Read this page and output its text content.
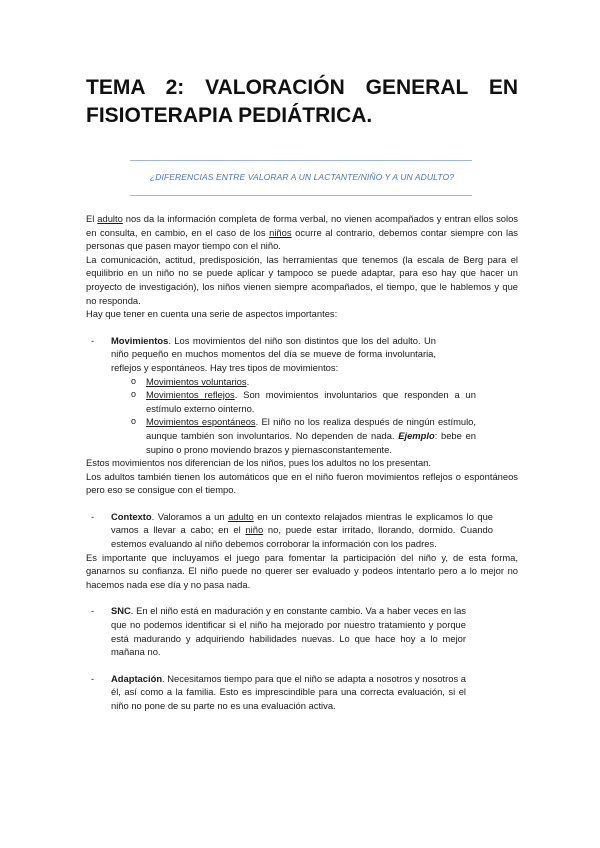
TEMA 2: VALORACIÓN GENERAL EN FISIOTERAPIA PEDIÁTRICA.
¿DIFERENCIAS ENTRE VALORAR A UN LACTANTE/NIÑO Y A UN ADULTO?

El adulto nos da la información completa de forma verbal, no vienen acompañados y entran ellos solos en consulta, en cambio, en el caso de los niños ocurre al contrario, debemos contar siempre con las personas que pasen mayor tiempo con el niño.

La comunicación, actitud, predisposición, las herramientas que tenemos (la escala de Berg para el equilibrio en un niño no se puede aplicar y tampoco se puede adaptar, para eso hay que hacer un proyecto de investigación), los niños vienen siempre acompañados, el tiempo, que le hablemos y que no responda.

Hay que tener en cuenta una serie de aspectos importantes:

- Movimientos. Los movimientos del niño son distintos que los del adulto. Un niño pequeño en muchos momentos del día se mueve de forma involuntaria, reflejos y espontáneos. Hay tres tipos de movimientos:

o Movimientos voluntarios.

o Movimientos reflejos. Son movimientos involuntarios que responden a un estímulo externo ointerno.

o Movimientos espontáneos. El niño no los realiza después de ningún estímulo, aunque también son involuntarios. No dependen de nada. Ejemplo: bebe en supino o prono moviendo brazos y piernasconstantemente.

Estos movimientos nos diferencian de los niños, pues los adultos no los presentan.

Los adultos también tienen los automáticos que en el niño fueron movimientos reflejos o espontáneos pero eso se consigue con el tiempo.

- Contexto. Valoramos a un adulto en un contexto relajados mientras le explicamos lo que vamos a llevar a cabo; en el niño no, puede estar irritado, llorando, dormido. Cuando estemos evaluando al niño debemos corroborar la información con los padres.

Es importante que incluyamos el juego para fomentar la participación del niño y, de esta forma, ganarnos su confianza. El niño puede no querer ser evaluado y podeos intentarlo pero a lo mejor no hacemos nada ese día y no pasa nada.

- SNC. En el niño está en maduración y en constante cambio. Va a haber veces en las que no podemos identificar si el niño ha mejorado por nuestro tratamiento y porque está madurando y adquiriendo habilidades nuevas. Lo que hace hoy a lo mejor mañana no.

- Adaptación. Necesitamos tiempo para que el niño se adapta a nosotros y nosotros a él, así como a la familia. Esto es imprescindible para una correcta evaluación, si el niño no pone de su parte no es una evaluación activa.
